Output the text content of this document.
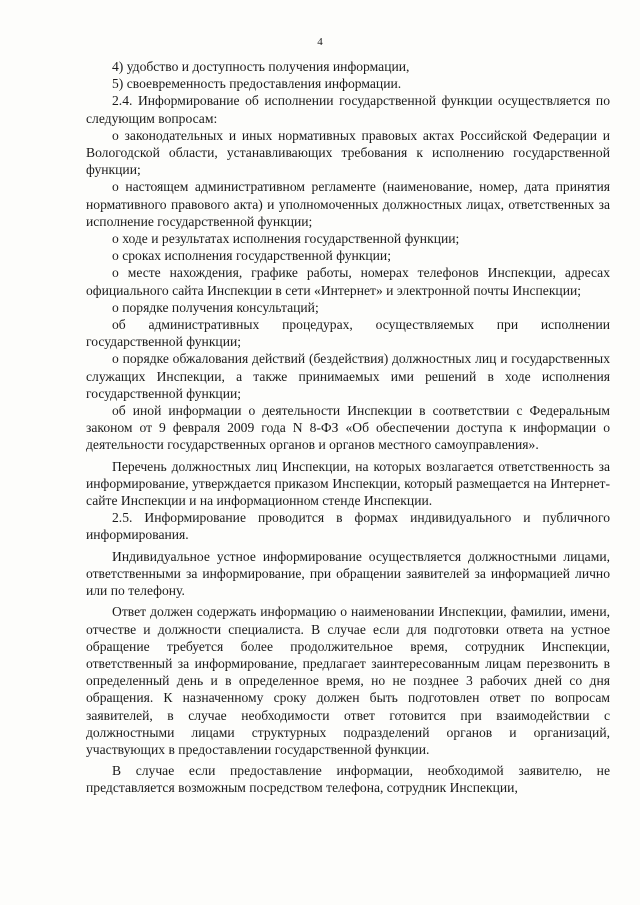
4

4) удобство и доступность получения информации,

5) своевременность предоставления информации.

2.4. Информирование об исполнении государственной функции осуществляется по следующим вопросам:

о законодательных и иных нормативных правовых актах Российской Федерации и Вологодской области, устанавливающих требования к исполнению государственной функции;

о настоящем административном регламенте (наименование, номер, дата принятия нормативного правового акта) и уполномоченных должностных лицах, ответственных за исполнение государственной функции;

о ходе и результатах исполнения государственной функции;

о сроках исполнения государственной функции;

о месте нахождения, графике работы, номерах телефонов Инспекции, адресах официального сайта Инспекции в сети «Интернет» и электронной почты Инспекции;

о порядке получения консультаций;

об административных процедурах, осуществляемых при исполнении государственной функции;

о порядке обжалования действий (бездействия) должностных лиц и государственных служащих Инспекции, а также принимаемых ими решений в ходе исполнения государственной функции;

об иной информации о деятельности Инспекции в соответствии с Федеральным законом от 9 февраля 2009 года N 8-ФЗ «Об обеспечении доступа к информации о деятельности государственных органов и органов местного самоуправления».

Перечень должностных лиц Инспекции, на которых возлагается ответственность за информирование, утверждается приказом Инспекции, который размещается на Интернет-сайте Инспекции и на информационном стенде Инспекции.

2.5. Информирование проводится в формах индивидуального и публичного информирования.

Индивидуальное устное информирование осуществляется должностными лицами, ответственными за информирование, при обращении заявителей за информацией лично или по телефону.

Ответ должен содержать информацию о наименовании Инспекции, фамилии, имени, отчестве и должности специалиста. В случае если для подготовки ответа на устное обращение требуется более продолжительное время, сотрудник Инспекции, ответственный за информирование, предлагает заинтересованным лицам перезвонить в определенный день и в определенное время, но не позднее 3 рабочих дней со дня обращения. К назначенному сроку должен быть подготовлен ответ по вопросам заявителей, в случае необходимости ответ готовится при взаимодействии с должностными лицами структурных подразделений органов и организаций, участвующих в предоставлении государственной функции.

В случае если предоставление информации, необходимой заявителю, не представляется возможным посредством телефона, сотрудник Инспекции,
